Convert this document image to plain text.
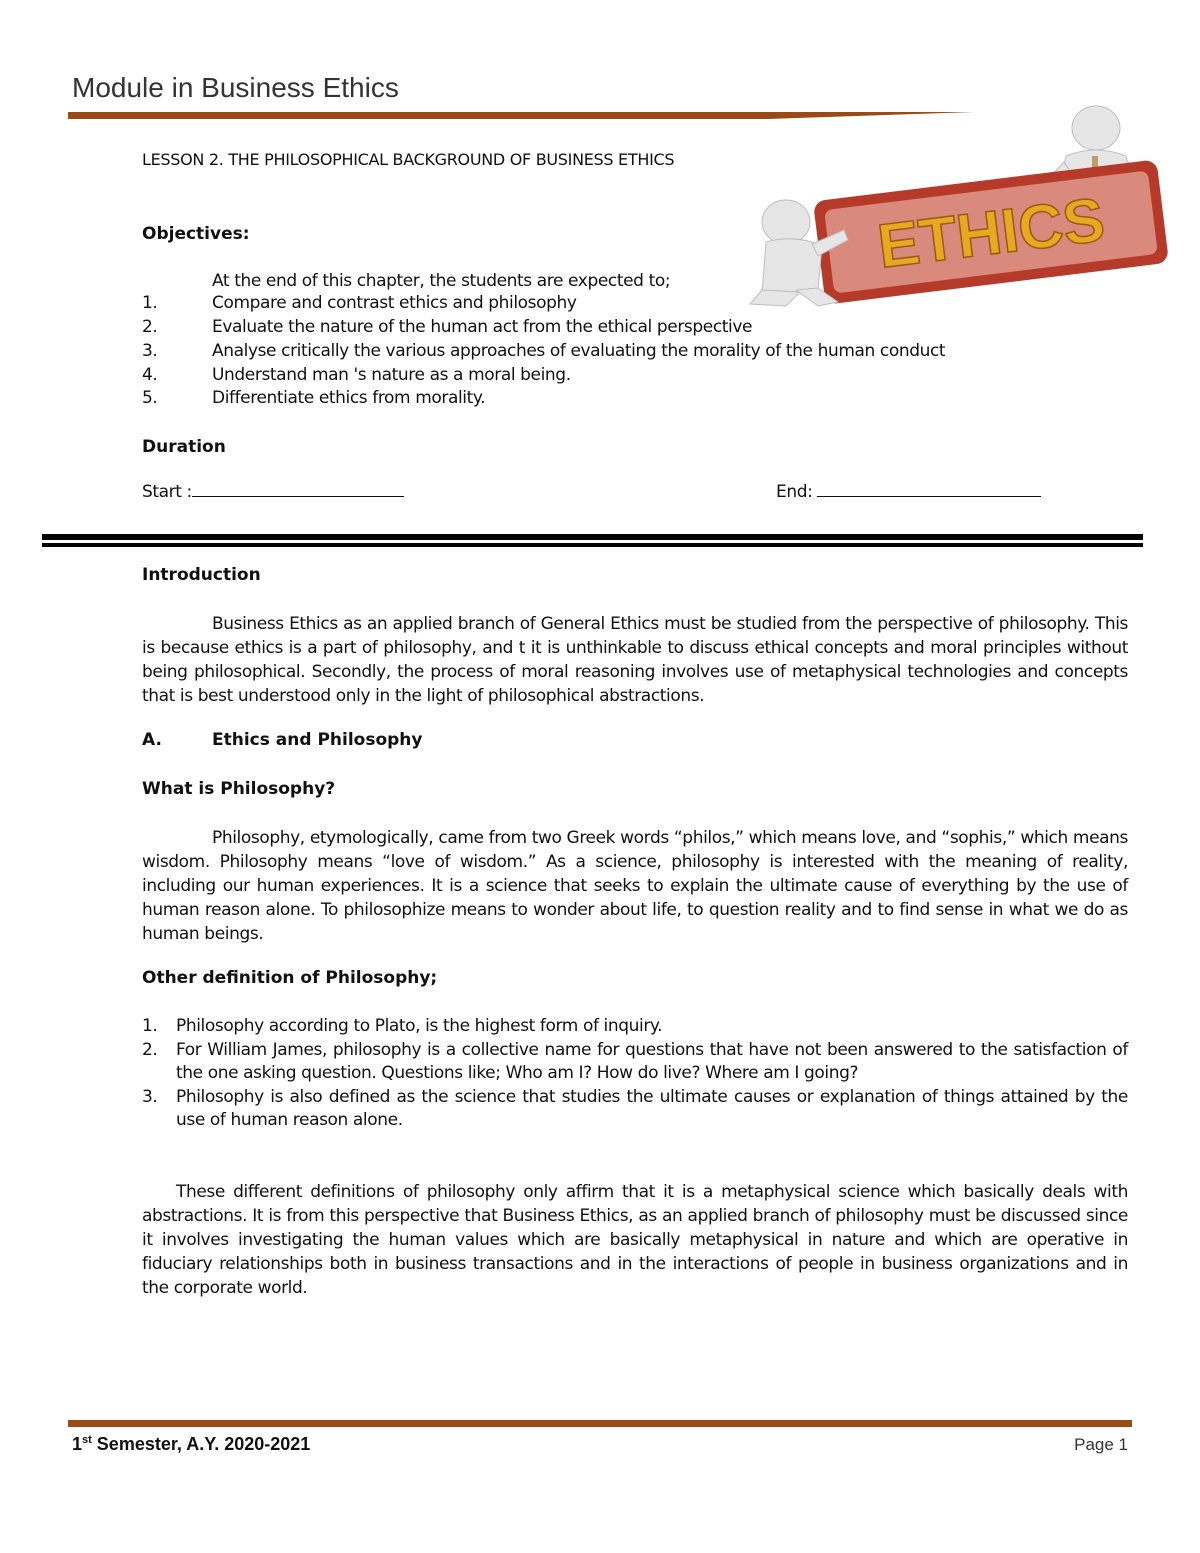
Module in Business Ethics
ETHICS
LESSON 2. THE PHILOSOPHICAL BACKGROUND OF BUSINESS ETHICS
Objectives:
At the end of this chapter, the students are expected to;
1.	Compare and contrast ethics and philosophy
2.	Evaluate the nature of the human act from the ethical perspective
3.	Analyse critically the various approaches of evaluating the morality of the human conduct
4.	Understand man 's nature as a moral being.
5.	Differentiate ethics from morality.
Duration
Start :	End:
Introduction
Business Ethics as an applied branch of General Ethics must be studied from the perspective of philosophy. This is because ethics is a part of philosophy, and t it is unthinkable to discuss ethical concepts and moral principles without being philosophical. Secondly, the process of moral reasoning involves use of metaphysical technologies and concepts that is best understood only in the light of philosophical abstractions.
A.	Ethics and Philosophy
What is Philosophy?
Philosophy, etymologically, came from two Greek words “philos,” which means love, and “sophis,” which means wisdom. Philosophy means “love of wisdom.” As a science, philosophy is interested with the meaning of reality, including our human experiences. It is a science that seeks to explain the ultimate cause of everything by the use of human reason alone. To philosophize means to wonder about life, to question reality and to find sense in what we do as human beings.
Other definition of Philosophy;
1. Philosophy according to Plato, is the highest form of inquiry.
2. For William James, philosophy is a collective name for questions that have not been answered to the satisfaction of the one asking question. Questions like; Who am I? How do live? Where am I going?
3. Philosophy is also defined as the science that studies the ultimate causes or explanation of things attained by the use of human reason alone.
These different definitions of philosophy only affirm that it is a metaphysical science which basically deals with abstractions. It is from this perspective that Business Ethics, as an applied branch of philosophy must be discussed since it involves investigating the human values which are basically metaphysical in nature and which are operative in fiduciary relationships both in business transactions and in the interactions of people in business organizations and in the corporate world.
1st Semester, A.Y. 2020-2021	Page 1
